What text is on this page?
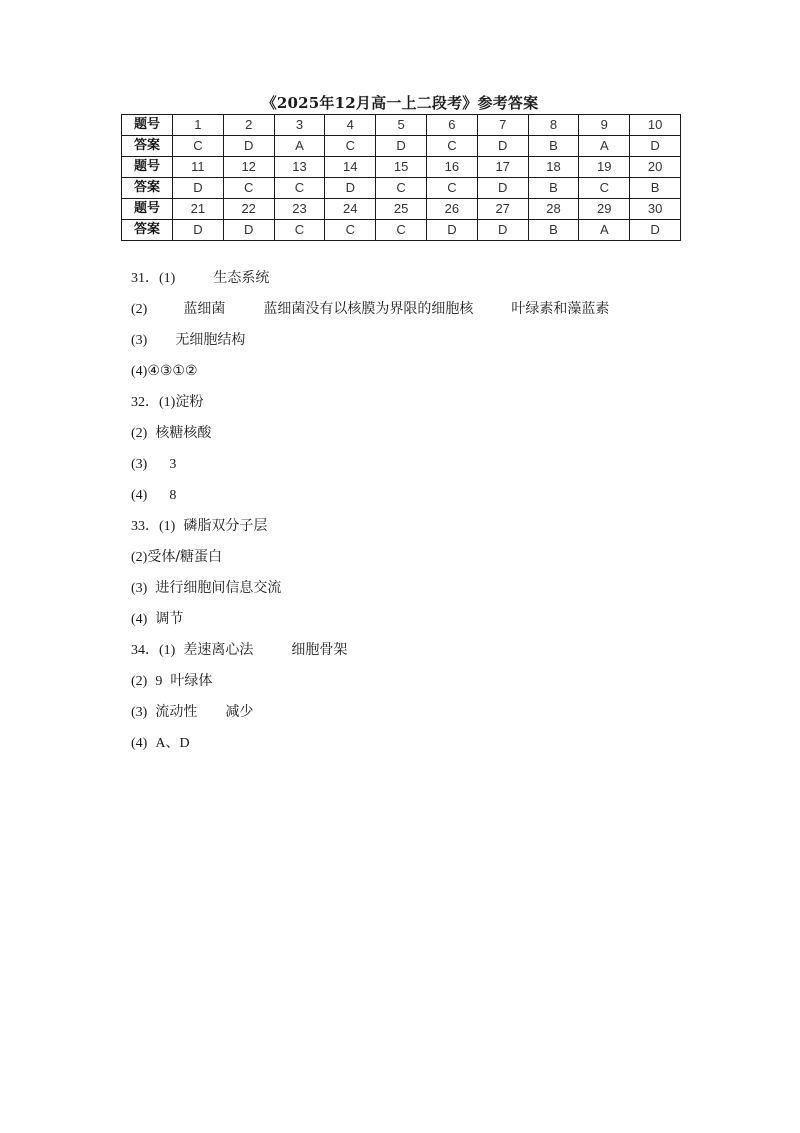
《2025年12月高一上二段考》参考答案
题号	1	2	3	4	5	6	7	8	9	10
答案	C	D	A	C	D	C	D	B	A	D
题号	11	12	13	14	15	16	17	18	19	20
答案	D	C	C	D	C	C	D	B	C	B
题号	21	22	23	24	25	26	27	28	29	30
答案	D	D	C	C	C	D	D	B	A	D
31．(1)	生态系统
(2)	蓝细菌	蓝细菌没有以核膜为界限的细胞核	叶绿素和藻蓝素
(3) 无细胞结构
(4)④③①②
32．(1)淀粉
(2) 核糖核酸
(3) 3
(4) 8
33．(1) 磷脂双分子层
(2)受体/糖蛋白
(3) 进行细胞间信息交流
(4) 调节
34．(1) 差速离心法	细胞骨架
(2) 9 叶绿体
(3) 流动性 减少
(4) A、D
